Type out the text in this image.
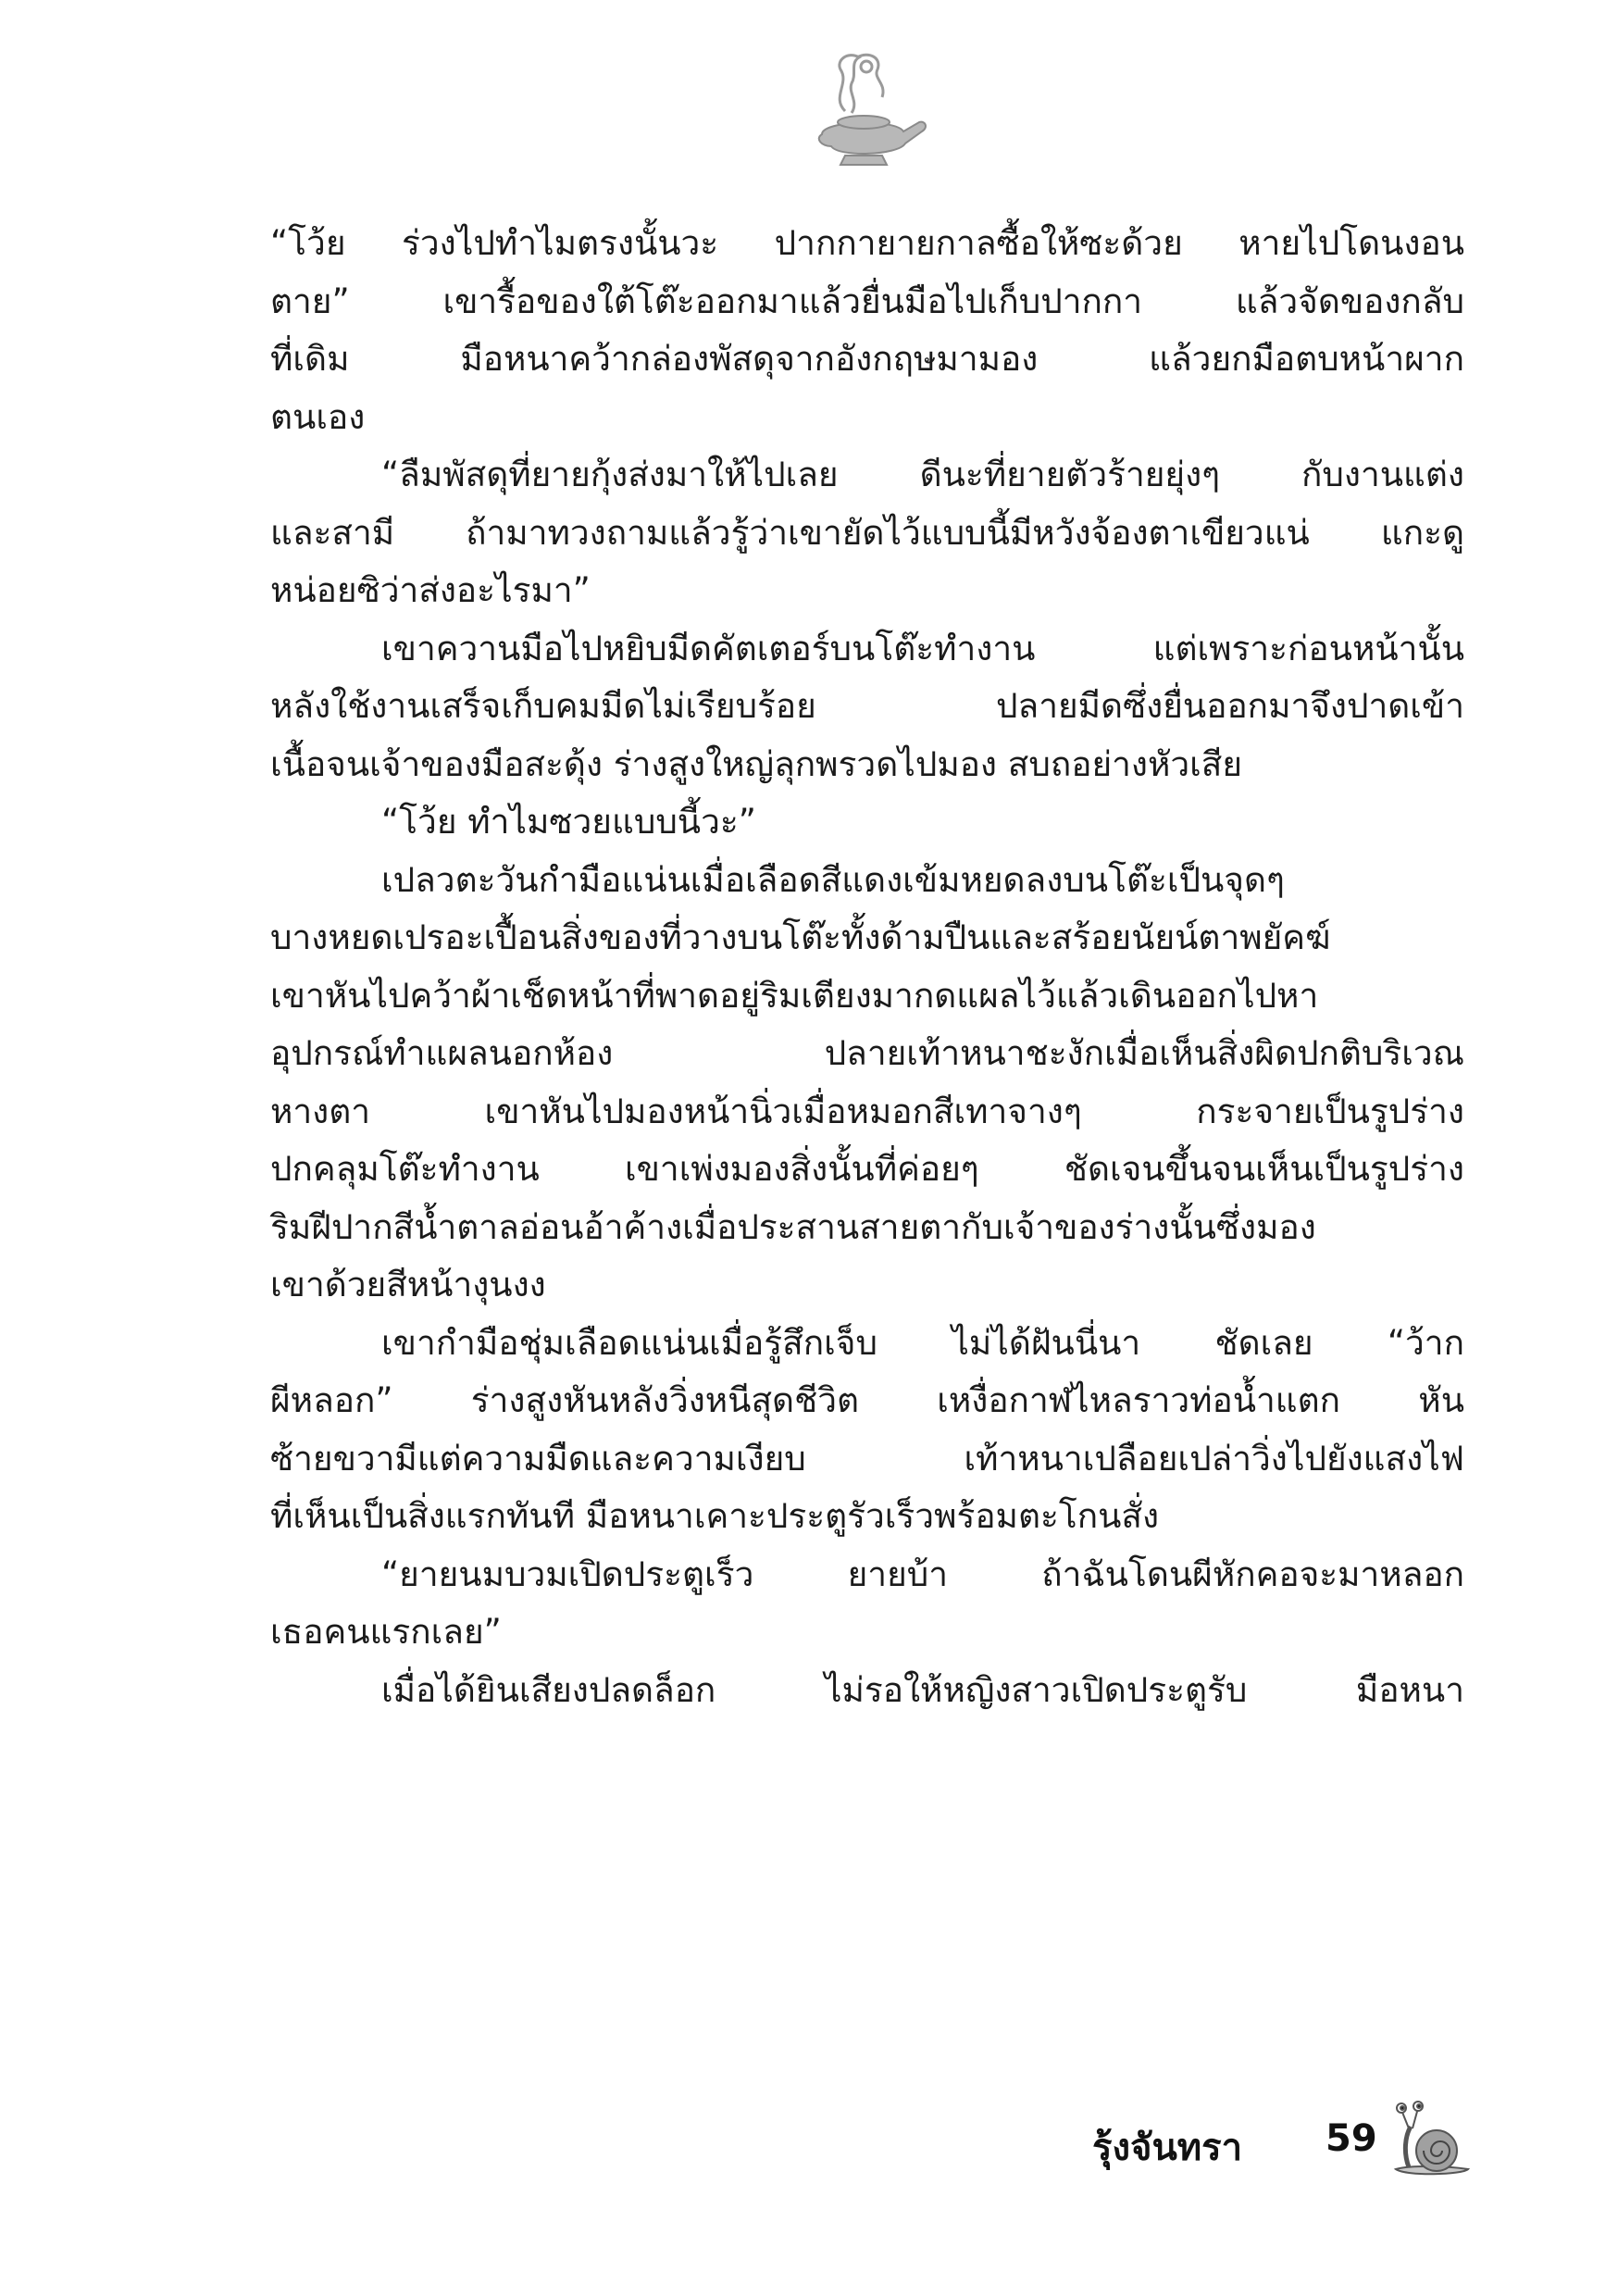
“โว้ย ร่วงไปทำไมตรงนั้นวะ ปากกายายกาลซื้อให้ซะด้วย หายไปโดนงอน
ตาย” เขารื้อของใต้โต๊ะออกมาแล้วยื่นมือไปเก็บปากกา แล้วจัดของกลับ
ที่เดิม มือหนาคว้ากล่องพัสดุจากอังกฤษมามอง แล้วยกมือตบหน้าผาก
ตนเอง

“ลืมพัสดุที่ยายกุ้งส่งมาให้ไปเลย ดีนะที่ยายตัวร้ายยุ่งๆ กับงานแต่ง
และสามี ถ้ามาทวงถามแล้วรู้ว่าเขายัดไว้แบบนี้มีหวังจ้องตาเขียวแน่ แกะดู
หน่อยซิว่าส่งอะไรมา”

เขาควานมือไปหยิบมีดคัตเตอร์บนโต๊ะทำงาน แต่เพราะก่อนหน้านั้น
หลังใช้งานเสร็จเก็บคมมีดไม่เรียบร้อย ปลายมีดซึ่งยื่นออกมาจึงปาดเข้า
เนื้อจนเจ้าของมือสะดุ้ง ร่างสูงใหญ่ลุกพรวดไปมอง สบถอย่างหัวเสีย

“โว้ย ทำไมซวยแบบนี้วะ”

เปลวตะวันกำมือแน่นเมื่อเลือดสีแดงเข้มหยดลงบนโต๊ะเป็นจุดๆ
บางหยดเปรอะเปื้อนสิ่งของที่วางบนโต๊ะทั้งด้ามปืนและสร้อยนัยน์ตาพยัคฆ์
เขาหันไปคว้าผ้าเช็ดหน้าที่พาดอยู่ริมเตียงมากดแผลไว้แล้วเดินออกไปหา
อุปกรณ์ทำแผลนอกห้อง ปลายเท้าหนาชะงักเมื่อเห็นสิ่งผิดปกติบริเวณ
หางตา เขาหันไปมองหน้านิ่วเมื่อหมอกสีเทาจางๆ กระจายเป็นรูปร่าง
ปกคลุมโต๊ะทำงาน เขาเพ่งมองสิ่งนั้นที่ค่อยๆ ชัดเจนขึ้นจนเห็นเป็นรูปร่าง
ริมฝีปากสีน้ำตาลอ่อนอ้าค้างเมื่อประสานสายตากับเจ้าของร่างนั้นซึ่งมอง
เขาด้วยสีหน้างุนงง

เขากำมือชุ่มเลือดแน่นเมื่อรู้สึกเจ็บ ไม่ได้ฝันนี่นา ชัดเลย “ว้าก
ผีหลอก” ร่างสูงหันหลังวิ่งหนีสุดชีวิต เหงื่อกาฬไหลราวท่อน้ำแตก หัน
ซ้ายขวามีแต่ความมืดและความเงียบ เท้าหนาเปลือยเปล่าวิ่งไปยังแสงไฟ
ที่เห็นเป็นสิ่งแรกทันที มือหนาเคาะประตูรัวเร็วพร้อมตะโกนสั่ง

“ยายนมบวมเปิดประตูเร็ว ยายบ้า ถ้าฉันโดนผีหักคอจะมาหลอก
เธอคนแรกเลย”

เมื่อได้ยินเสียงปลดล็อก ไม่รอให้หญิงสาวเปิดประตูรับ มือหนา

รุ้งจันทรา 59
